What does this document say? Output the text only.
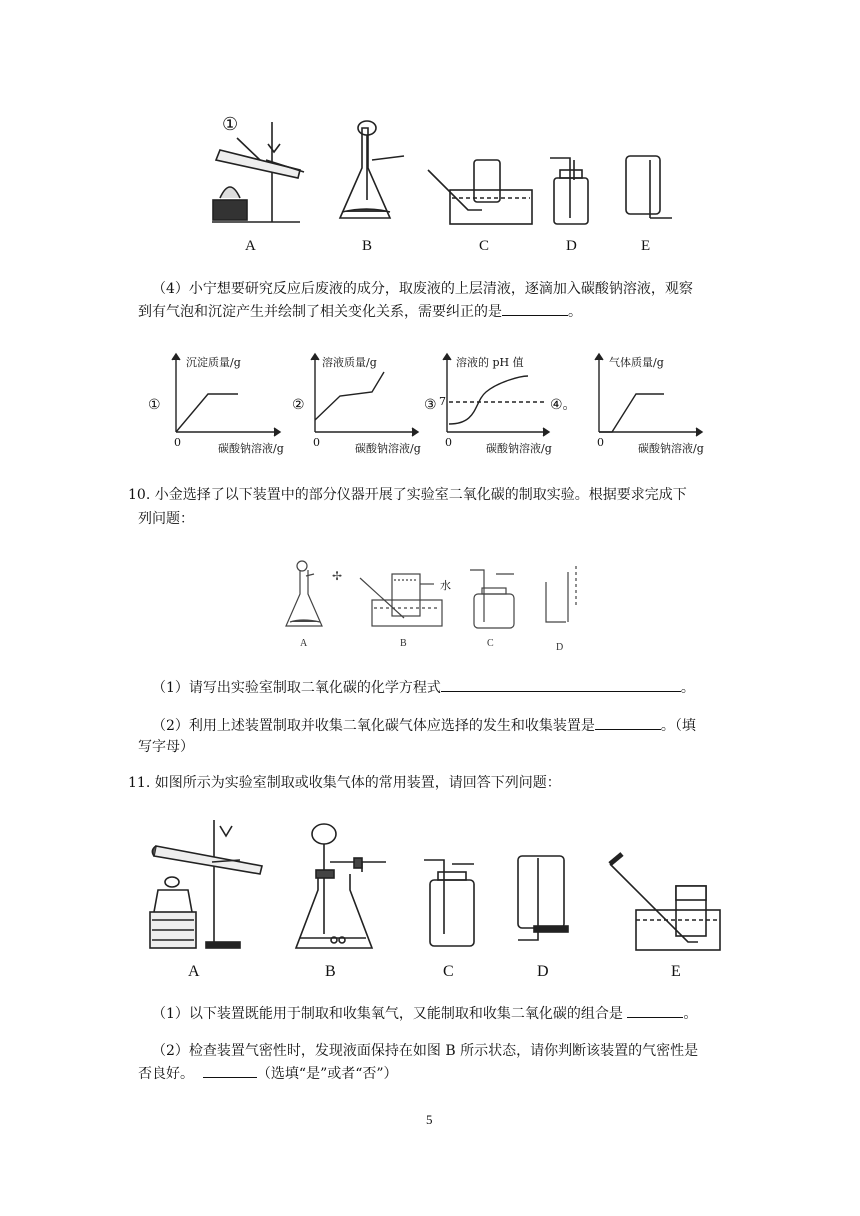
A	B	C	D	E
①
（4）小宁想要研究反应后废液的成分，取废液的上层清液，逐滴加入碳酸钠溶液，观察
到有气泡和沉淀产生并绘制了相关变化关系，需要纠正的是	。
沉淀质量/g
碳酸钠溶液/g
0
①
溶液质量/g
碳酸钠溶液/g
0
②
溶液的 pH 值
碳酸钠溶液/g
0
7
③
气体质量/g
碳酸钠溶液/g
0
④。
10. 小金选择了以下装置中的部分仪器开展了实验室二氧化碳的制取实验。根据要求完成下
列问题：
✢
A	B	C	D
水
（1）请写出实验室制取二氧化碳的化学方程式	。
（2）利用上述装置制取并收集二氧化碳气体应选择的发生和收集装置是	。（填
写字母）
11. 如图所示为实验室制取或收集气体的常用装置，请回答下列问题：
A	B	C	D	E
（1）以下装置既能用于制取和收集氧气，又能制取和收集二氧化碳的组合是	。
（2）检查装置气密性时，发现液面保持在如图 B 所示状态，请你判断该装置的气密性是
否良好。	（选填“是”或者“否”）
5
